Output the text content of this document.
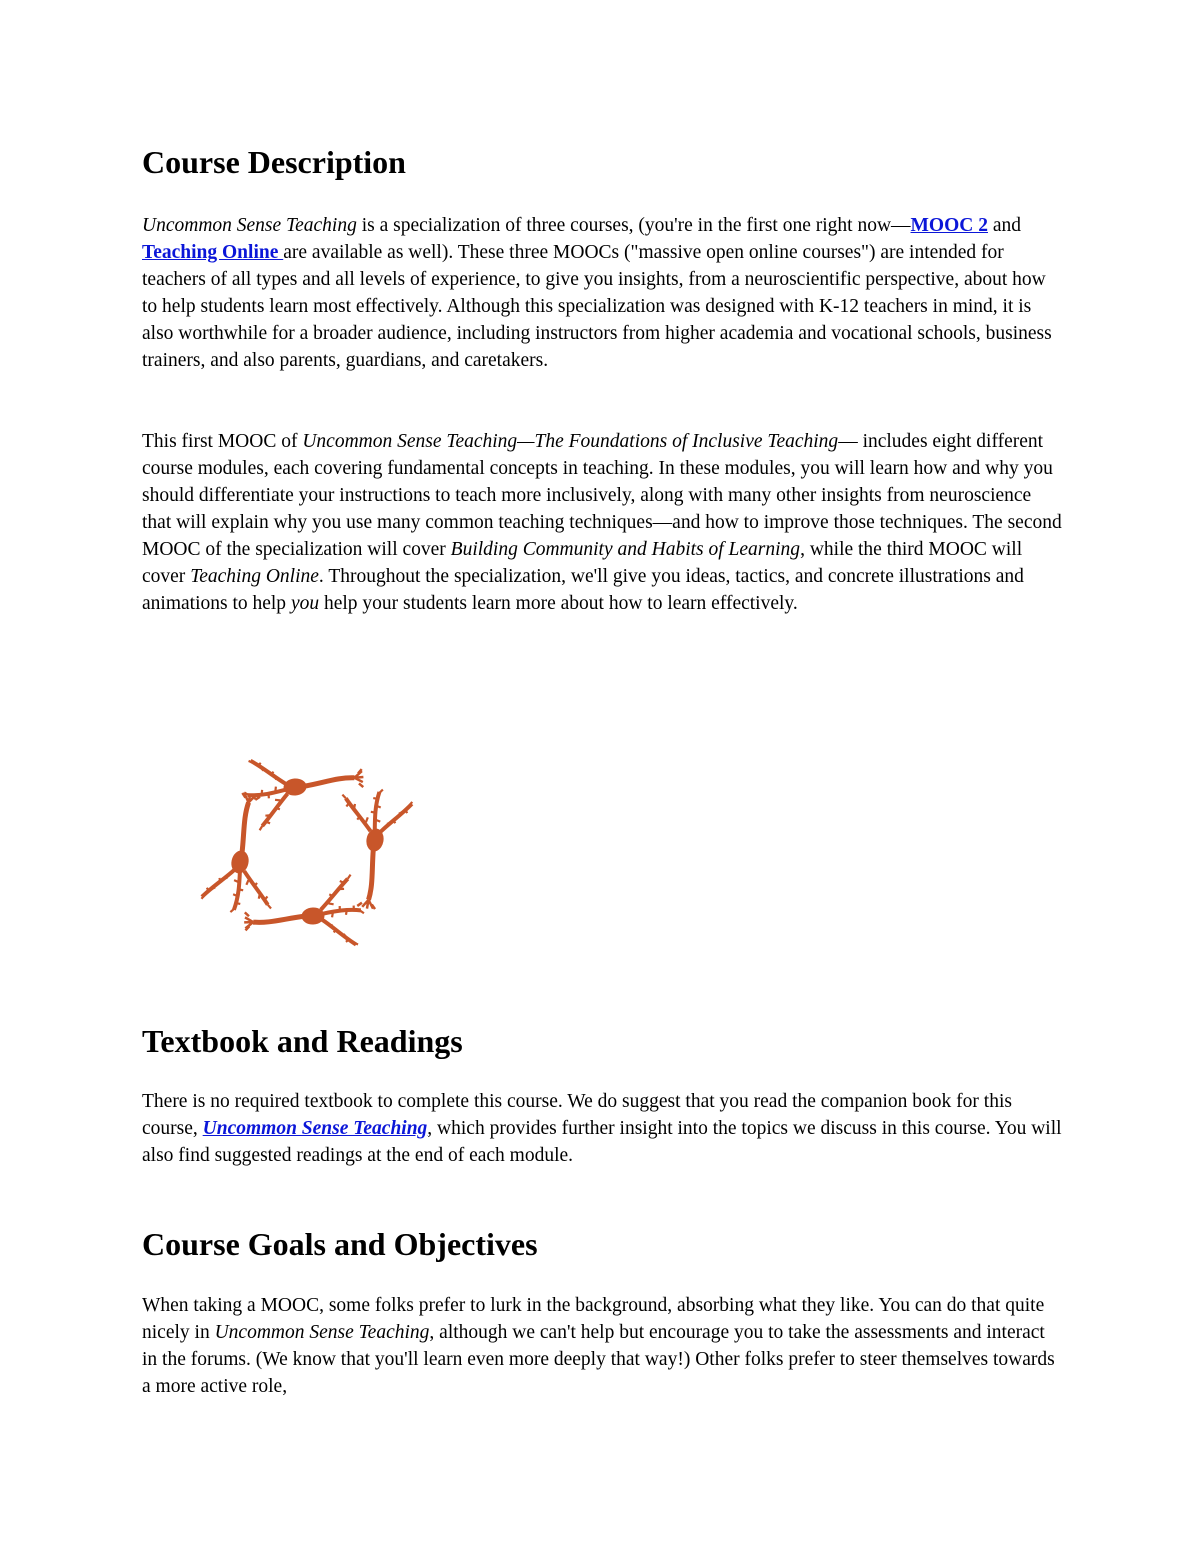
Course Description

Uncommon Sense Teaching is a specialization of three courses, (you're in the first one right now—MOOC 2 and Teaching Online are available as well). These three MOOCs ("massive open online courses") are intended for teachers of all types and all levels of experience, to give you insights, from a neuroscientific perspective, about how to help students learn most effectively. Although this specialization was designed with K-12 teachers in mind, it is also worthwhile for a broader audience, including instructors from higher academia and vocational schools, business trainers, and also parents, guardians, and caretakers.

This first MOOC of Uncommon Sense Teaching—The Foundations of Inclusive Teaching— includes eight different course modules, each covering fundamental concepts in teaching. In these modules, you will learn how and why you should differentiate your instructions to teach more inclusively, along with many other insights from neuroscience that will explain why you use many common teaching techniques—and how to improve those techniques. The second MOOC of the specialization will cover Building Community and Habits of Learning, while the third MOOC will cover Teaching Online. Throughout the specialization, we'll give you ideas, tactics, and concrete illustrations and animations to help you help your students learn more about how to learn effectively.

Textbook and Readings

There is no required textbook to complete this course. We do suggest that you read the companion book for this course, Uncommon Sense Teaching, which provides further insight into the topics we discuss in this course. You will also find suggested readings at the end of each module.

Course Goals and Objectives

When taking a MOOC, some folks prefer to lurk in the background, absorbing what they like. You can do that quite nicely in Uncommon Sense Teaching, although we can't help but encourage you to take the assessments and interact in the forums. (We know that you'll learn even more deeply that way!) Other folks prefer to steer themselves towards a more active role,
